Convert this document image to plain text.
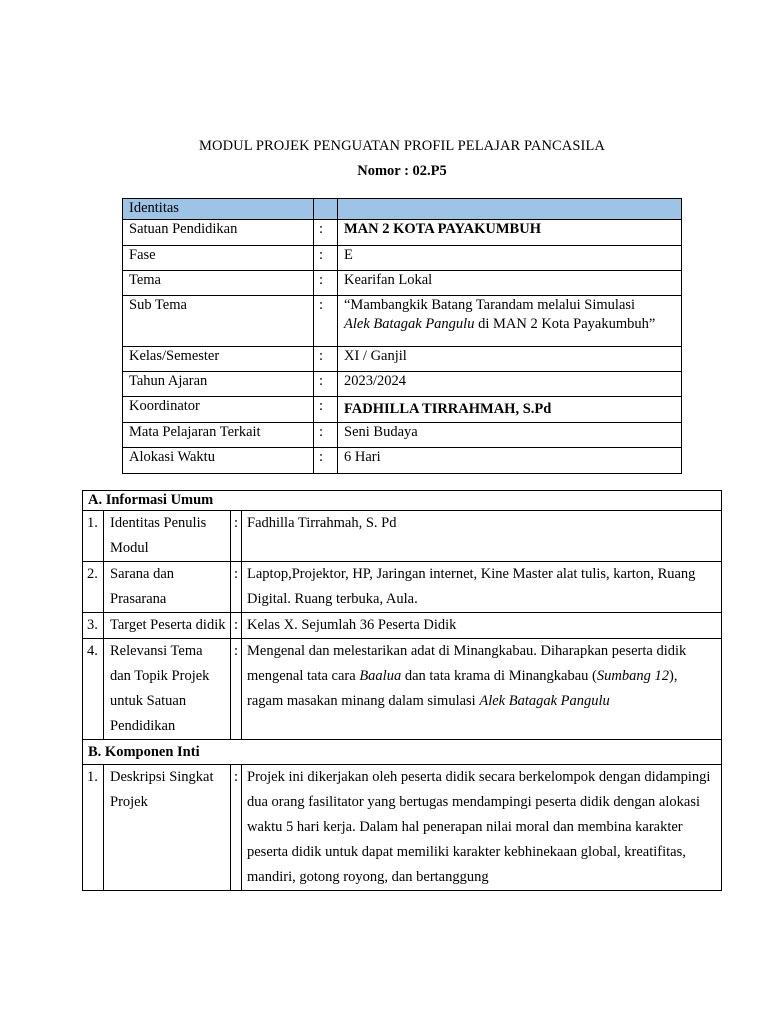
MODUL PROJEK PENGUATAN PROFIL PELAJAR PANCASILA
Nomor : 02.P5
Identitas		
Satuan Pendidikan	:	MAN 2 KOTA PAYAKUMBUH
Fase	:	E
Tema	:	Kearifan Lokal
Sub Tema	:	“Mambangkik Batang Tarandam melalui Simulasi
Alek Batagak Pangulu di MAN 2 Kota Payakumbuh”
Kelas/Semester	:	XI / Ganjil
Tahun Ajaran	:	2023/2024
Koordinator	:	FADHILLA TIRRAHMAH, S.Pd
Mata Pelajaran Terkait	:	Seni Budaya
Alokasi Waktu	:	6 Hari
A. Informasi Umum			
1.	Identitas Penulis Modul	:	Fadhilla Tirrahmah, S. Pd
2.	Sarana dan Prasarana	:	Laptop,Projektor, HP, Jaringan internet, Kine Master alat tulis, karton, Ruang Digital. Ruang terbuka, Aula.
3.	Target Peserta didik	:	Kelas X. Sejumlah 36 Peserta Didik
4.	Relevansi Tema dan Topik Projek untuk Satuan Pendidikan	:	Mengenal dan melestarikan adat di Minangkabau. Diharapkan peserta didik mengenal tata cara Baalua dan tata krama di Minangkabau (Sumbang 12), ragam masakan minang dalam simulasi Alek Batagak Pangulu
B. Komponen Inti			
1.	Deskripsi Singkat Projek	:	Projek ini dikerjakan oleh peserta didik secara berkelompok dengan didampingi dua orang fasilitator yang bertugas mendampingi peserta didik dengan alokasi waktu 5 hari kerja. Dalam hal penerapan nilai moral dan membina karakter peserta didik untuk dapat memiliki karakter kebhinekaan global, kreatifitas, mandiri, gotong royong, dan bertanggung
